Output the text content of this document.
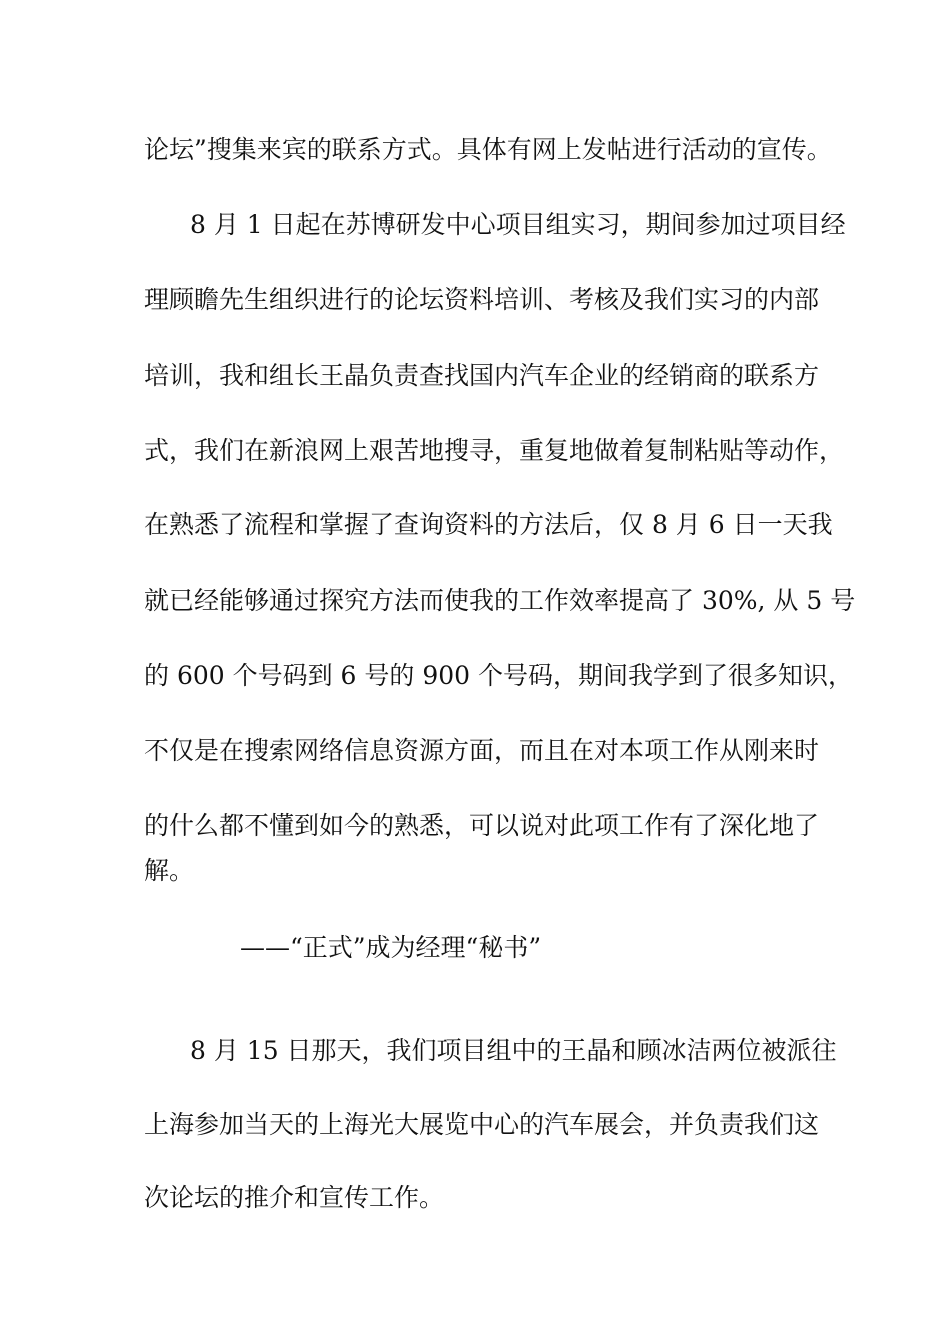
论坛”搜集来宾的联系方式。具体有网上发帖进行活动的宣传。

8 月 1 日起在苏博研发中心项目组实习，期间参加过项目经

理顾瞻先生组织进行的论坛资料培训、考核及我们实习的内部

培训，我和组长王晶负责查找国内汽车企业的经销商的联系方

式，我们在新浪网上艰苦地搜寻，重复地做着复制粘贴等动作，

在熟悉了流程和掌握了查询资料的方法后，仅 8 月 6 日一天我

就已经能够通过探究方法而使我的工作效率提高了 30%, 从 5 号

的 600 个号码到 6 号的 900 个号码，期间我学到了很多知识，

不仅是在搜索网络信息资源方面，而且在对本项工作从刚来时

的什么都不懂到如今的熟悉，可以说对此项工作有了深化地了

解。

——“正式”成为经理“秘书”

8 月 15 日那天，我们项目组中的王晶和顾冰洁两位被派往

上海参加当天的上海光大展览中心的汽车展会，并负责我们这

次论坛的推介和宣传工作。
